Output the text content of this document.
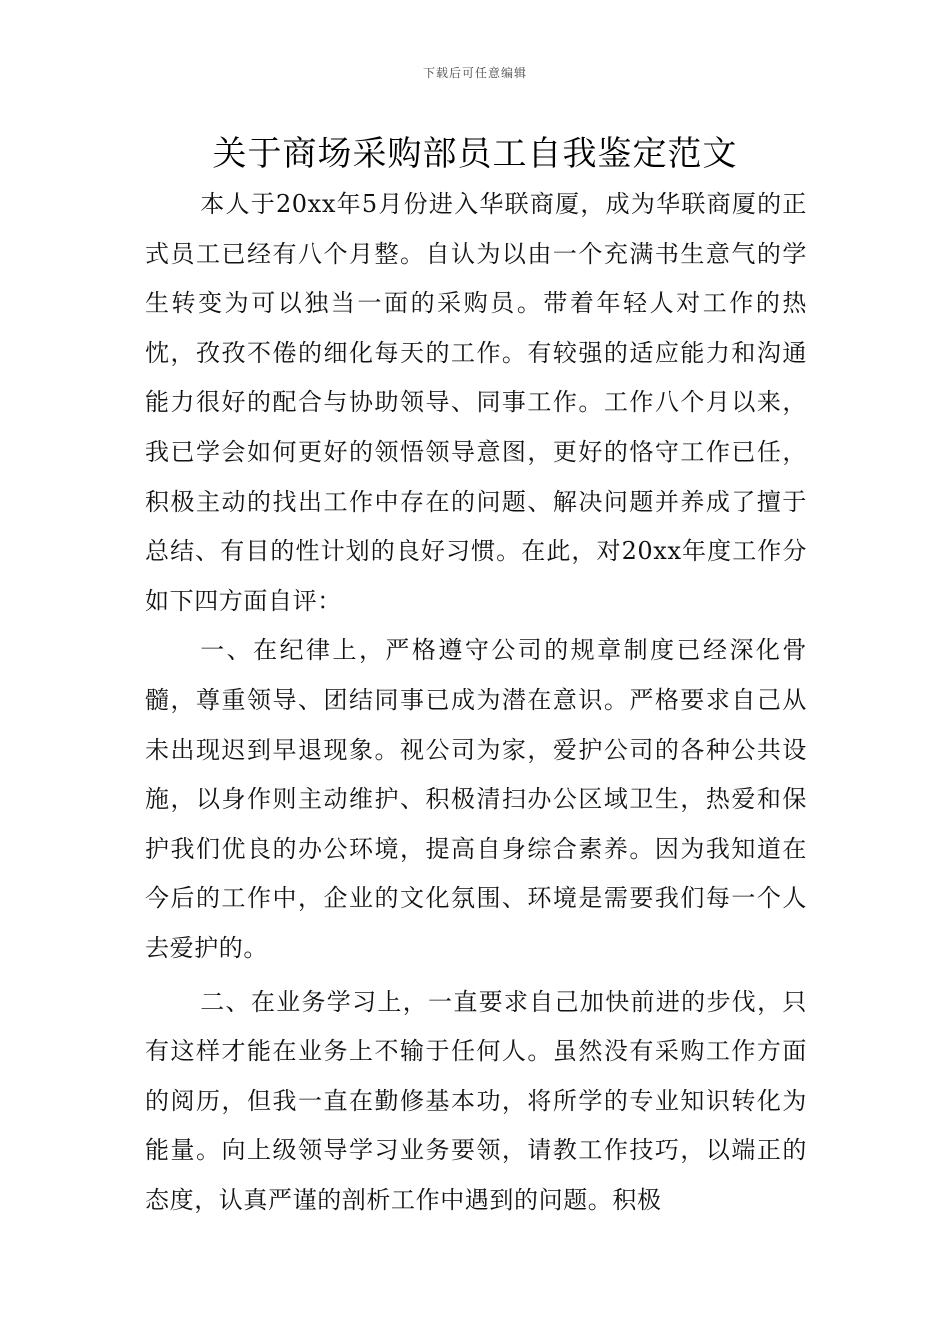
下载后可任意编辑
关于商场采购部员工自我鉴定范文

本人于20xx年5月份进入华联商厦，成为华联商厦的正式员工已经有八个月整。自认为以由一个充满书生意气的学生转变为可以独当一面的采购员。带着年轻人对工作的热忱，孜孜不倦的细化每天的工作。有较强的适应能力和沟通能力很好的配合与协助领导、同事工作。工作八个月以来，我已学会如何更好的领悟领导意图，更好的恪守工作已任，积极主动的找出工作中存在的问题、解决问题并养成了擅于总结、有目的性计划的良好习惯。在此，对20xx年度工作分如下四方面自评：

一、在纪律上，严格遵守公司的规章制度已经深化骨髓，尊重领导、团结同事已成为潜在意识。严格要求自己从未出现迟到早退现象。视公司为家，爱护公司的各种公共设施，以身作则主动维护、积极清扫办公区域卫生，热爱和保护我们优良的办公环境，提高自身综合素养。因为我知道在今后的工作中，企业的文化氛围、环境是需要我们每一个人去爱护的。

二、在业务学习上，一直要求自己加快前进的步伐，只有这样才能在业务上不输于任何人。虽然没有采购工作方面的阅历，但我一直在勤修基本功，将所学的专业知识转化为能量。向上级领导学习业务要领，请教工作技巧，以端正的态度，认真严谨的剖析工作中遇到的问题。积极
